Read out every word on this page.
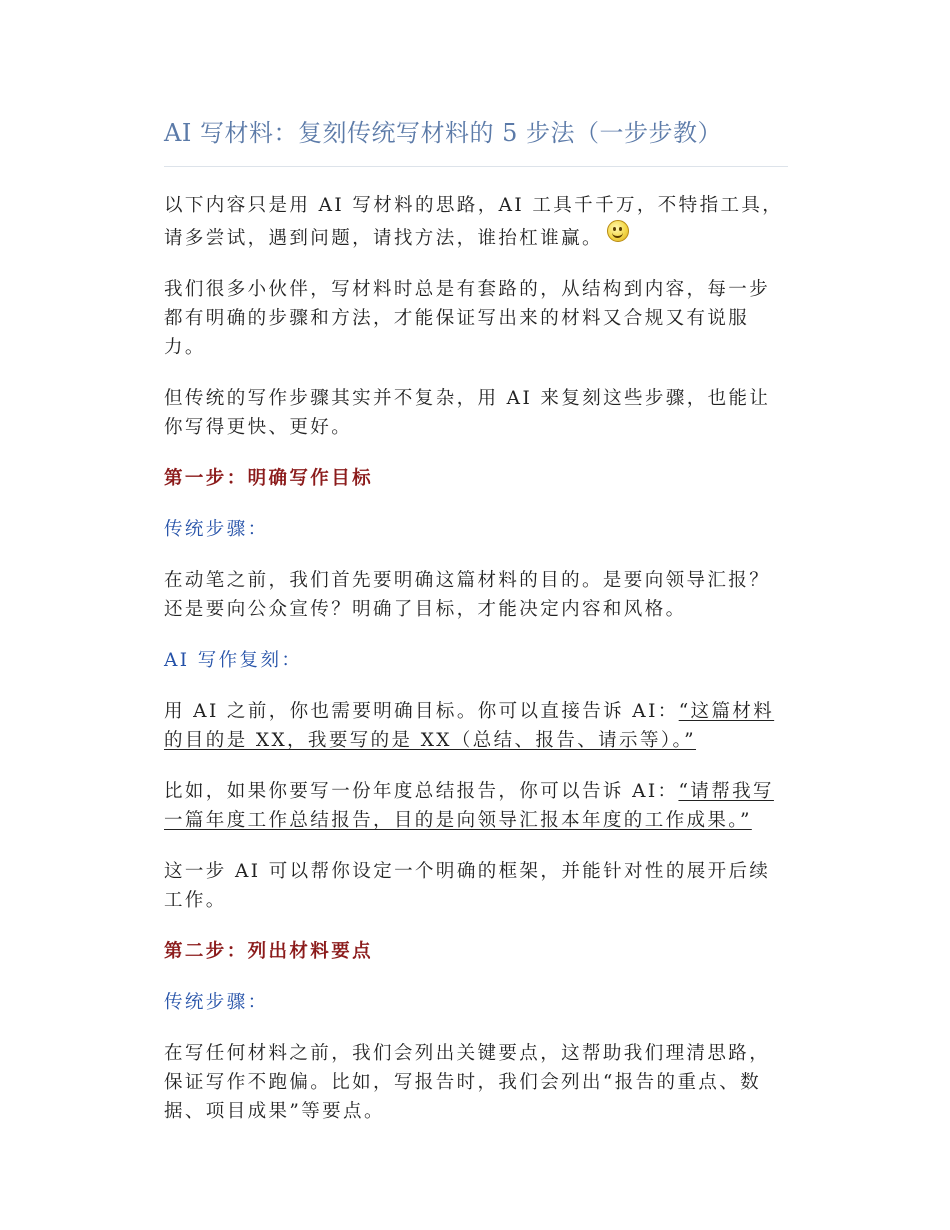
AI 写材料：复刻传统写材料的 5 步法（一步步教）

以下内容只是用 AI 写材料的思路，AI 工具千千万，不特指工具，请多尝试，遇到问题，请找方法，谁抬杠谁赢。

我们很多小伙伴，写材料时总是有套路的，从结构到内容，每一步都有明确的步骤和方法，才能保证写出来的材料又合规又有说服力。

但传统的写作步骤其实并不复杂，用 AI 来复刻这些步骤，也能让你写得更快、更好。

第一步：明确写作目标

传统步骤：

在动笔之前，我们首先要明确这篇材料的目的。是要向领导汇报？还是要向公众宣传？明确了目标，才能决定内容和风格。

AI 写作复刻：

用 AI 之前，你也需要明确目标。你可以直接告诉 AI：“这篇材料的目的是 XX，我要写的是 XX（总结、报告、请示等）。”

比如，如果你要写一份年度总结报告，你可以告诉 AI：“请帮我写一篇年度工作总结报告，目的是向领导汇报本年度的工作成果。”

这一步 AI 可以帮你设定一个明确的框架，并能针对性的展开后续工作。

第二步：列出材料要点

传统步骤：

在写任何材料之前，我们会列出关键要点，这帮助我们理清思路，保证写作不跑偏。比如，写报告时，我们会列出“报告的重点、数据、项目成果”等要点。
